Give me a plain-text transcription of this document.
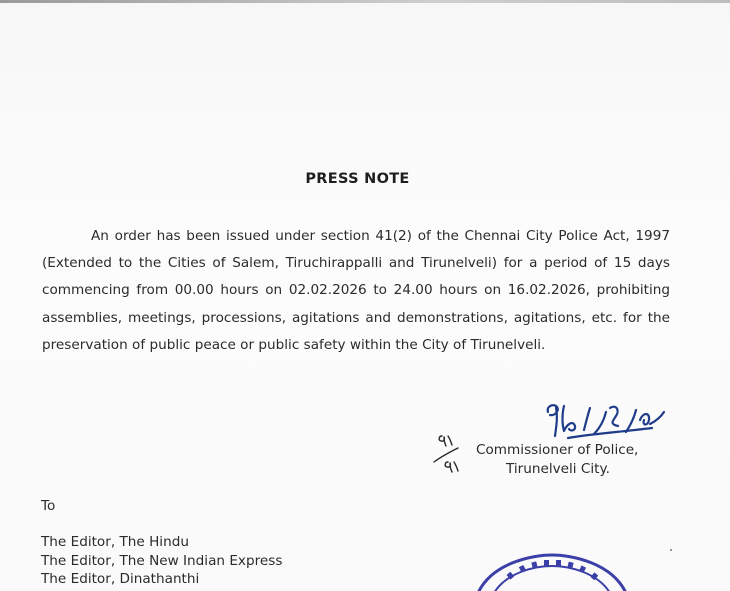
PRESS NOTE
An order has been issued under section 41(2) of the Chennai City Police Act, 1997 (Extended to the Cities of Salem, Tiruchirappalli and Tirunelveli) for a period of 15 days commencing from 00.00 hours on 02.02.2026 to 24.00 hours on 16.02.2026, prohibiting assemblies, meetings, processions, agitations and demonstrations, agitations, etc. for the preservation of public peace or public safety within the City of Tirunelveli.
Commissioner of Police,
Tirunelveli City.
To
The Editor, The Hindu
The Editor, The New Indian Express
The Editor, Dinathanthi
